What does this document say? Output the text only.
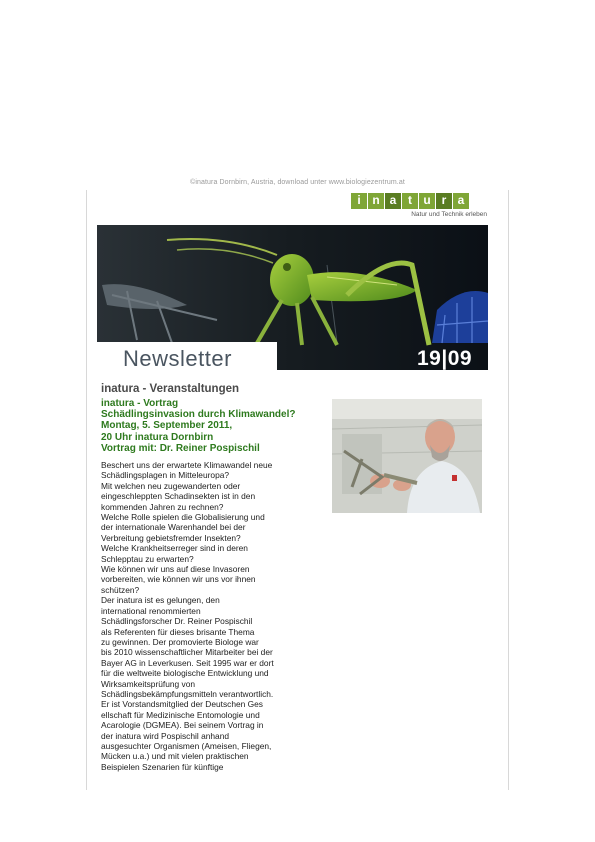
©inatura Dornbirn, Austria, download unter www.biologiezentrum.at
i n a t u r a
Natur und Technik erleben
Newsletter	19|09
inatura - Veranstaltungen
inatura - Vortrag
Schädlingsinvasion durch Klimawandel?
Montag, 5. September 2011,
20 Uhr inatura Dornbirn
Vortrag mit: Dr. Reiner Pospischil
Beschert uns der erwartete Klimawandel neue
Schädlingsplagen in Mitteleuropa?
Mit welchen neu zugewanderten oder
eingeschleppten Schadinsekten ist in den
kommenden Jahren zu rechnen?
Welche Rolle spielen die Globalisierung und
der internationale Warenhandel bei der
Verbreitung gebietsfremder Insekten?
Welche Krankheitserreger sind in deren
Schlepptau zu erwarten?
Wie können wir uns auf diese Invasoren
vorbereiten, wie können wir uns vor ihnen
schützen?
Der inatura ist es gelungen, den
international renommierten
Schädlingsforscher Dr. Reiner Pospischil
als Referenten für dieses brisante Thema
zu gewinnen. Der promovierte Biologe war
bis 2010 wissenschaftlicher Mitarbeiter bei der
Bayer AG in Leverkusen. Seit 1995 war er dort
für die weltweite biologische Entwicklung und
Wirksamkeitsprüfung von
Schädlingsbekämpfungsmitteln verantwortlich.
Er ist Vorstandsmitglied der Deutschen Ges
ellschaft für Medizinische Entomologie und
Acarologie (DGMEA). Bei seinem Vortrag in
der inatura wird Pospischil anhand
ausgesuchter Organismen (Ameisen, Fliegen,
Mücken u.a.) und mit vielen praktischen
Beispielen Szenarien für künftige
